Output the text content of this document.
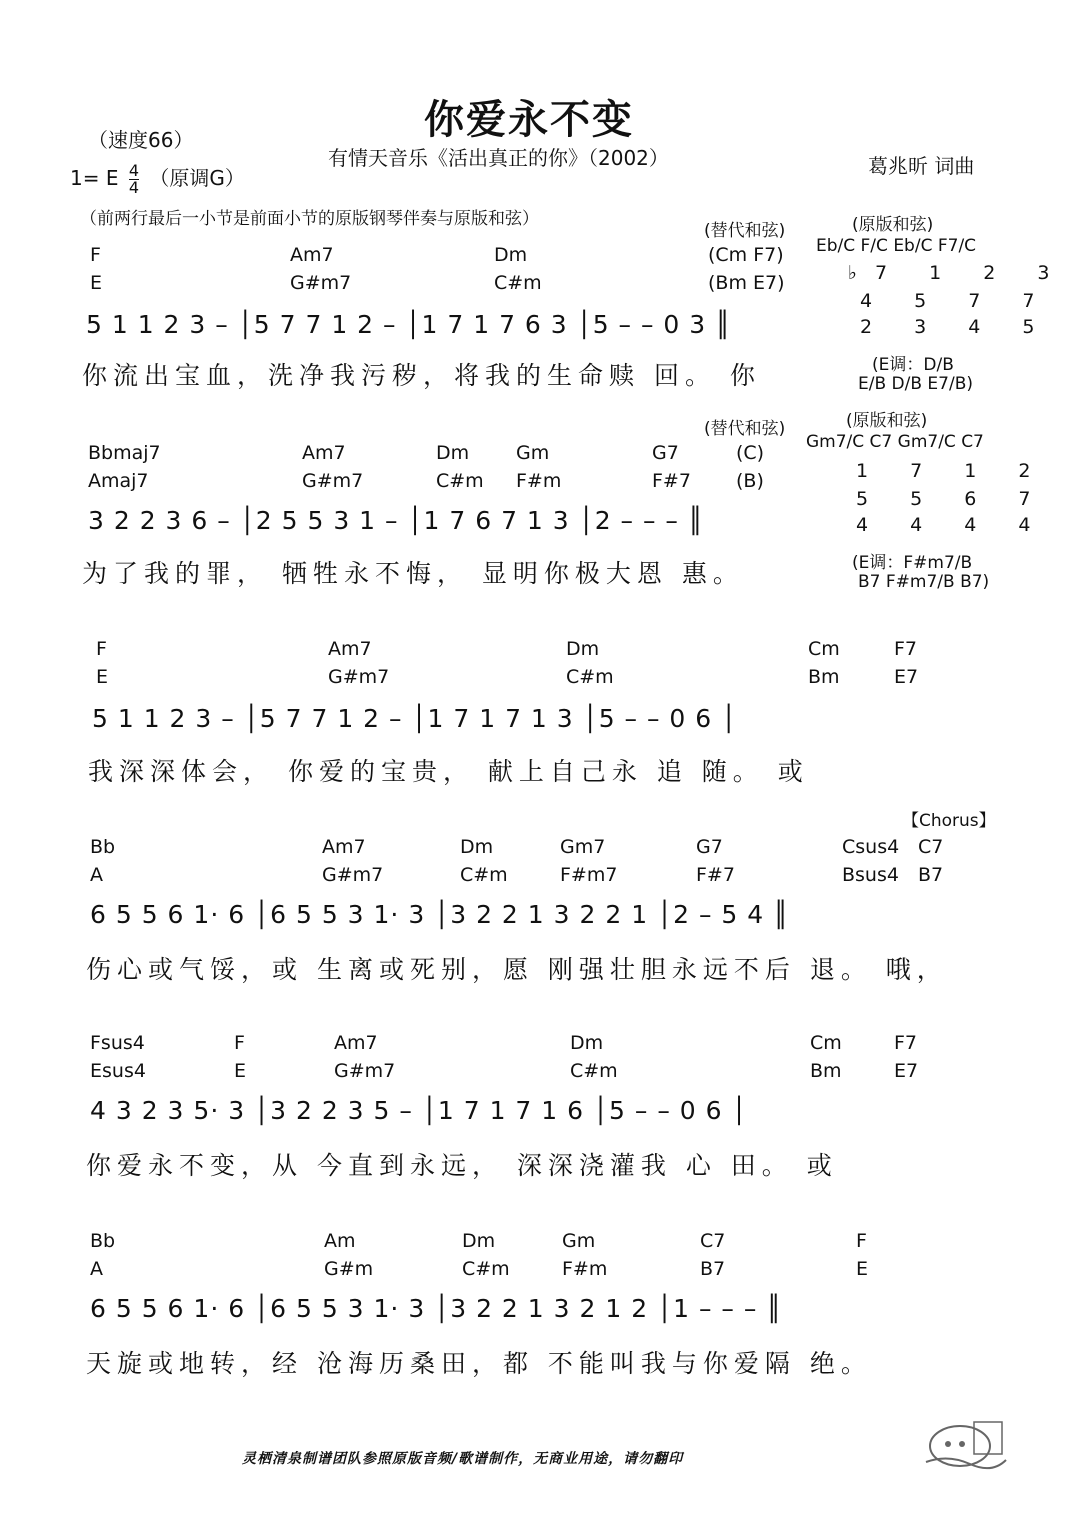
你爱永不变
（速度66）
有情天音乐《活出真正的你》（2002）	葛兆昕 词曲
1= E $\frac{4}{4}$ （原调G）
（前两行最后一小节是前面小节的原版钢琴伴奏与原版和弦）
(替代和弦)	(原版和弦)
F	Am7	Dm	(Cm F7)
E	G#m7	C#m	(Bm E7)
Eb/C F/C Eb/C F7/C
♭7 1 2 3
4 5 7 7
2 3 4 5
5 1 1 2 3 – │5 7 7 1 2 – │1 7 1 7 6 3 │5 – – 0 3 ║
你流出宝血，洗净我污秽，将我的生命赎 回。 你	(E调：D/B
E/B D/B E7/B)
(替代和弦)	(原版和弦)
Bbmaj7	Am7	Dm Gm	G7	(C)
Amaj7	G#m7	C#m F#m	F#7 (B)
Gm7/C C7 Gm7/C C7
1 7 1 2
5 5 6 7
4 4 4 4
3 2 2 3 6 – │2 5 5 3 1 – │1 7 6 7 1 3 │2 – – – ║
为了我的罪， 牺牲永不悔， 显明你极大恩 惠。	(E调：F#m7/B
B7 F#m7/B B7)
F	Am7	Dm	Cm	F7
E	G#m7	C#m	Bm	E7
5 1 1 2 3 – │5 7 7 1 2 – │1 7 1 7 1 3 │5 – – 0 6 │
我深深体会， 你爱的宝贵， 献上自己永 追 随。 或
【Chorus】
Bb	Am7	Dm	Gm7	G7	Csus4 C7
A	G#m7	C#m	F#m7	F#7	Bsus4 B7
6 5 5 6 1· 6 │6 5 5 3 1· 3 │3 2 2 1 3 2 2 1 │2 – 5 4 ║
伤心或气馁，或 生离或死别，愿 刚强壮胆永远不后 退。 哦，
Fsus4	F	Am7	Dm	Cm	F7
Esus4	E	G#m7	C#m	Bm	E7
4 3 2 3 5· 3 │3 2 2 3 5 – │1 7 1 7 1 6 │5 – – 0 6 │
你爱永不变，从 今直到永远， 深深浇灌我 心 田。 或
Bb	Am	Dm	Gm	C7	F
A	G#m	C#m	F#m	B7	E
6 5 5 6 1· 6 │6 5 5 3 1· 3 │3 2 2 1 3 2 1 2 │1 – – – ║
天旋或地转，经 沧海历桑田，都 不能叫我与你爱隔 绝。
灵栖清泉制谱团队参照原版音频/歌谱制作，无商业用途，请勿翻印
